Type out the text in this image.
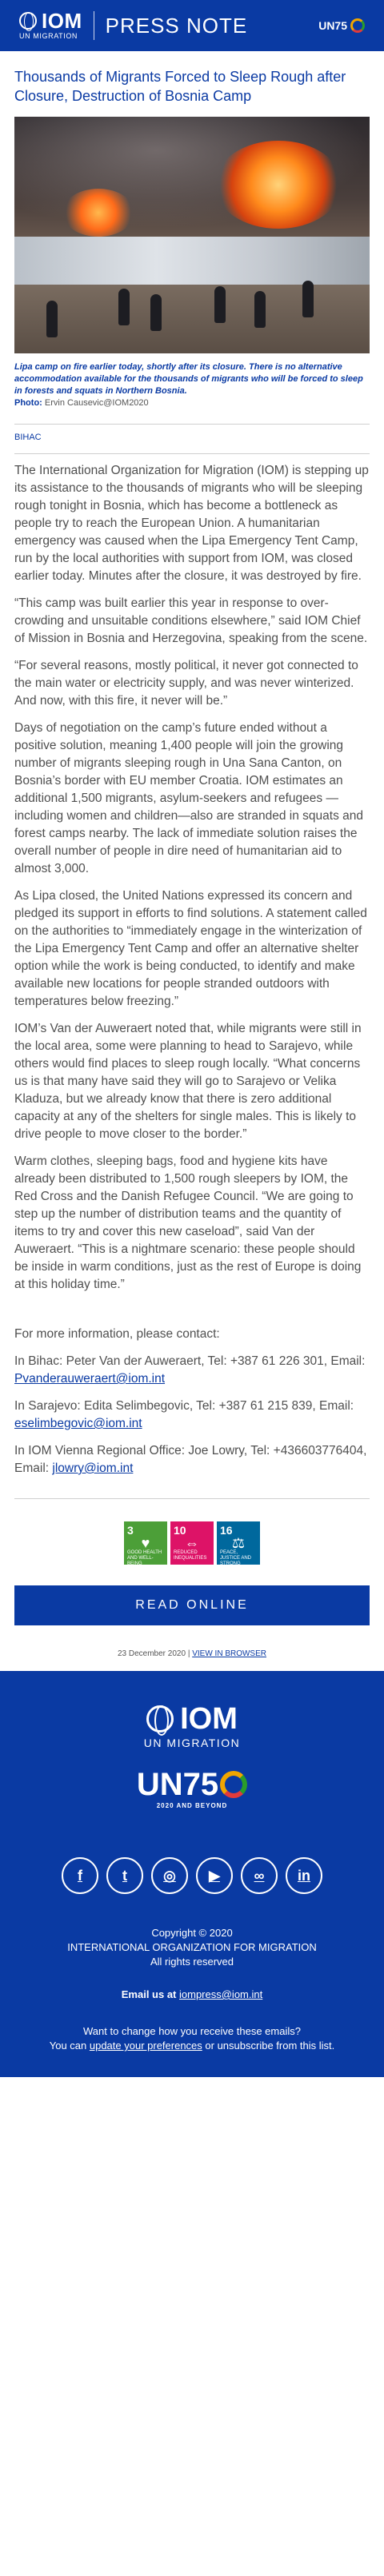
IOM
UN MIGRATION PRESS NOTE	UN75
Thousands of Migrants Forced to Sleep Rough after Closure, Destruction of Bosnia Camp

Lipa camp on fire earlier today, shortly after its closure. There is no alternative accommodation available for the thousands of migrants who will be forced to sleep in forests and squats in Northern Bosnia.
Photo: Ervin Causevic@IOM2020

BIHAC

The International Organization for Migration (IOM) is stepping up its assistance to the thousands of migrants who will be sleeping rough tonight in Bosnia, which has become a bottleneck as people try to reach the European Union. A humanitarian emergency was caused when the Lipa Emergency Tent Camp, run by the local authorities with support from IOM, was closed earlier today. Minutes after the closure, it was destroyed by fire.

“This camp was built earlier this year in response to over-crowding and unsuitable conditions elsewhere,” said IOM Chief of Mission in Bosnia and Herzegovina, speaking from the scene.

“For several reasons, mostly political, it never got connected to the main water or electricity supply, and was never winterized. And now, with this fire, it never will be.”

Days of negotiation on the camp’s future ended without a positive solution, meaning 1,400 people will join the growing number of migrants sleeping rough in Una Sana Canton, on Bosnia’s border with EU member Croatia. IOM estimates an additional 1,500 migrants, asylum-seekers and refugees —including women and children—also are stranded in squats and forest camps nearby. The lack of immediate solution raises the overall number of people in dire need of humanitarian aid to almost 3,000.

As Lipa closed, the United Nations expressed its concern and pledged its support in efforts to find solutions. A statement called on the authorities to “immediately engage in the winterization of the Lipa Emergency Tent Camp and offer an alternative shelter option while the work is being conducted, to identify and make available new locations for people stranded outdoors with temperatures below freezing.”

IOM’s Van der Auweraert noted that, while migrants were still in the local area, some were planning to head to Sarajevo, while others would find places to sleep rough locally. “What concerns us is that many have said they will go to Sarajevo or Velika Kladuza, but we already know that there is zero additional capacity at any of the shelters for single males. This is likely to drive people to move closer to the border.”

Warm clothes, sleeping bags, food and hygiene kits have already been distributed to 1,500 rough sleepers by IOM, the Red Cross and the Danish Refugee Council. “We are going to step up the number of distribution teams and the quantity of items to try and cover this new caseload”, said Van der Auweraert. “This is a nightmare scenario: these people should be inside in warm conditions, just as the rest of Europe is doing at this holiday time.”

For more information, please contact:

In Bihac: Peter Van der Auweraert, Tel: +387 61 226 301, Email: Pvanderauweraert@iom.int

In Sarajevo: Edita Selimbegovic, Tel: +387 61 215 839, Email: eselimbegovic@iom.int

In IOM Vienna Regional Office: Joe Lowry, Tel: +436603776404, Email: jlowry@iom.int

3
♥
GOOD HEALTH AND WELL-BEING
10
⇔
REDUCED INEQUALITIES
16
⚖
PEACE, JUSTICE AND STRONG INSTITUTIONS
READ ONLINE

23 December 2020 | VIEW IN BROWSER

IOM
UN MIGRATION
UN75
2020 AND BEYOND
f	t	◎	▶	∞	in

Copyright © 2020

INTERNATIONAL ORGANIZATION FOR MIGRATION

All rights reserved

Email us at iompress@iom.int

Want to change how you receive these emails?

You can update your preferences or unsubscribe from this list.
